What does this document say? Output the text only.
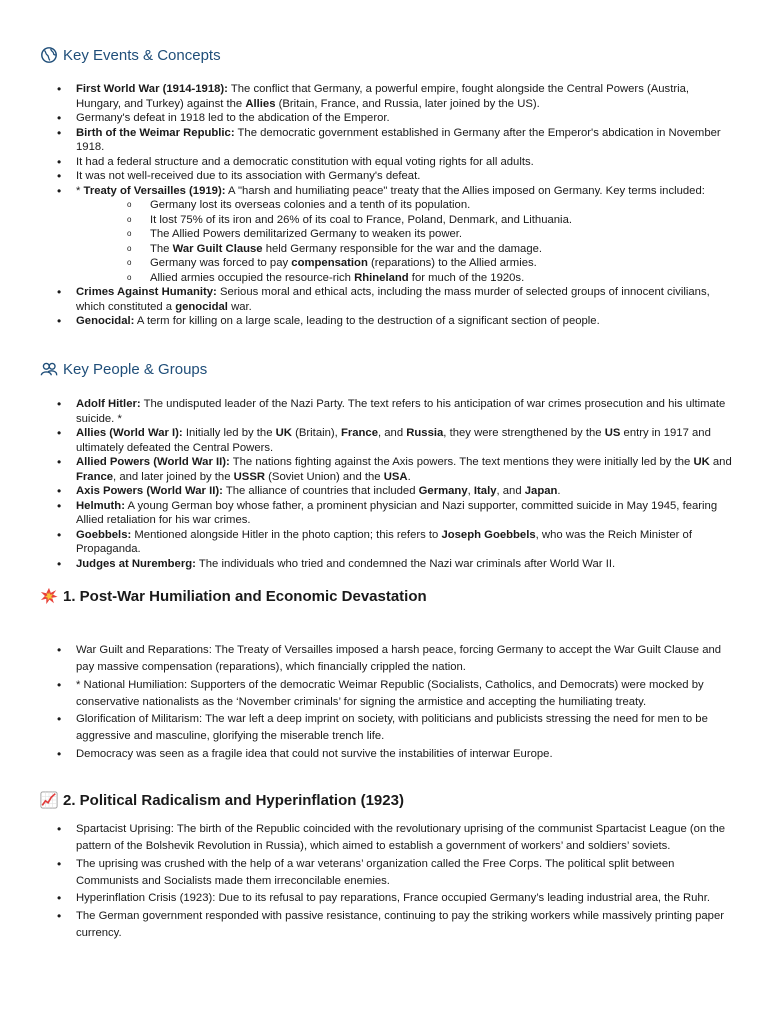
Key Events & Concepts
• First World War (1914-1918): The conflict that Germany, a powerful empire, fought alongside the Central Powers (Austria, Hungary, and Turkey) against the Allies (Britain, France, and Russia, later joined by the US).
• Germany's defeat in 1918 led to the abdication of the Emperor.
• Birth of the Weimar Republic: The democratic government established in Germany after the Emperor's abdication in November 1918.
• It had a federal structure and a democratic constitution with equal voting rights for all adults.
• It was not well-received due to its association with Germany's defeat.
• * Treaty of Versailles (1919): A "harsh and humiliating peace" treaty that the Allies imposed on Germany. Key terms included:
o Germany lost its overseas colonies and a tenth of its population.
o It lost 75% of its iron and 26% of its coal to France, Poland, Denmark, and Lithuania.
o The Allied Powers demilitarized Germany to weaken its power.
o The War Guilt Clause held Germany responsible for the war and the damage.
o Germany was forced to pay compensation (reparations) to the Allied armies.
o Allied armies occupied the resource-rich Rhineland for much of the 1920s.
• Crimes Against Humanity: Serious moral and ethical acts, including the mass murder of selected groups of innocent civilians, which constituted a genocidal war.
• Genocidal: A term for killing on a large scale, leading to the destruction of a significant section of people.
Key People & Groups
• Adolf Hitler: The undisputed leader of the Nazi Party. The text refers to his anticipation of war crimes prosecution and his ultimate suicide. *
• Allies (World War I): Initially led by the UK (Britain), France, and Russia, they were strengthened by the US entry in 1917 and ultimately defeated the Central Powers.
• Allied Powers (World War II): The nations fighting against the Axis powers. The text mentions they were initially led by the UK and France, and later joined by the USSR (Soviet Union) and the USA.
• Axis Powers (World War II): The alliance of countries that included Germany, Italy, and Japan.
• Helmuth: A young German boy whose father, a prominent physician and Nazi supporter, committed suicide in May 1945, fearing Allied retaliation for his war crimes.
• Goebbels: Mentioned alongside Hitler in the photo caption; this refers to Joseph Goebbels, who was the Reich Minister of Propaganda.
• Judges at Nuremberg: The individuals who tried and condemned the Nazi war criminals after World War II.
1. Post-War Humiliation and Economic Devastation
• War Guilt and Reparations: The Treaty of Versailles imposed a harsh peace, forcing Germany to accept the War Guilt Clause and pay massive compensation (reparations), which financially crippled the nation.
• * National Humiliation: Supporters of the democratic Weimar Republic (Socialists, Catholics, and Democrats) were mocked by conservative nationalists as the ‘November criminals’ for signing the armistice and accepting the humiliating treaty.
• Glorification of Militarism: The war left a deep imprint on society, with politicians and publicists stressing the need for men to be aggressive and masculine, glorifying the miserable trench life.
• Democracy was seen as a fragile idea that could not survive the instabilities of interwar Europe.
2. Political Radicalism and Hyperinflation (1923)
• Spartacist Uprising: The birth of the Republic coincided with the revolutionary uprising of the communist Spartacist League (on the pattern of the Bolshevik Revolution in Russia), which aimed to establish a government of workers’ and soldiers’ soviets.
• The uprising was crushed with the help of a war veterans’ organization called the Free Corps. The political split between Communists and Socialists made them irreconcilable enemies.
• Hyperinflation Crisis (1923): Due to its refusal to pay reparations, France occupied Germany’s leading industrial area, the Ruhr.
• The German government responded with passive resistance, continuing to pay the striking workers while massively printing paper currency.
